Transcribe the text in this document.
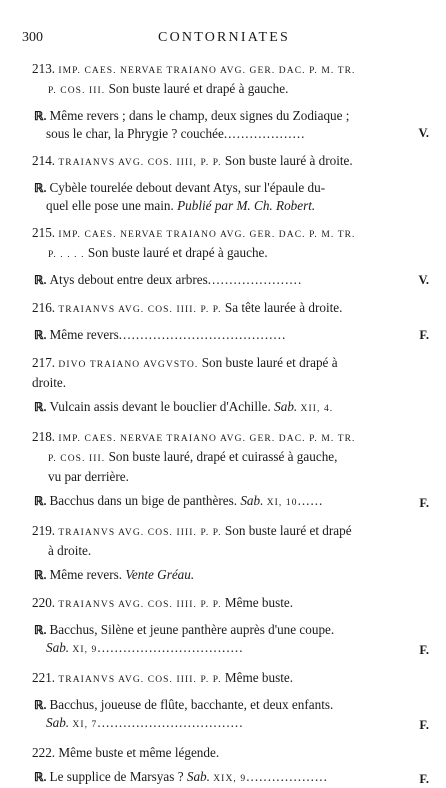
300	CONTORNIATES
213. IMP. CAES. NERVAE TRAIANO AVG. GER. DAC. P. M. TR.
P. COS. III. Son buste lauré et drapé à gauche.
ℝ. Même revers ; dans le champ, deux signes du Zodiaque ;
sous le char, la Phrygie ? couchée...................	V.
214. TRAIANVS AVG. COS. IIII, P. P. Son buste lauré à droite.
ℝ. Cybèle tourelée debout devant Atys, sur l'épaule du-
quel elle pose une main. Publié par M. Ch. Robert.
215. IMP. CAES. NERVAE TRAIANO AVG. GER. DAC. P. M. TR.
P. . . . . Son buste lauré et drapé à gauche.
ℝ. Atys debout entre deux arbres......................	V.
216. TRAIANVS AVG. COS. IIII. P. P. Sa tête laurée à droite.
ℝ. Même revers.......................................	F.
217. DIVO TRAIANO AVGVSTO. Son buste lauré et drapé à
droite.
ℝ. Vulcain assis devant le bouclier d'Achille. Sab. XII, 4.
218. IMP. CAES. NERVAE TRAIANO AVG. GER. DAC. P. M. TR.
P. COS. III. Son buste lauré, drapé et cuirassé à gauche,
vu par derrière.
ℝ. Bacchus dans un bige de panthères. Sab. XI, 10......	F.
219. TRAIANVS AVG. COS. IIII. P. P. Son buste lauré et drapé
à droite.
ℝ. Même revers. Vente Gréau.
220. TRAIANVS AVG. COS. IIII. P. P. Même buste.
ℝ. Bacchus, Silène et jeune panthère auprès d'une coupe.
Sab. XI, 9..................................	F.
221. TRAIANVS AVG. COS. IIII. P. P. Même buste.
ℝ. Bacchus, joueuse de flûte, bacchante, et deux enfants.
Sab. XI, 7..................................	F.
222. Même buste et même légende.
ℝ. Le supplice de Marsyas ? Sab. XIX, 9...................	F.
